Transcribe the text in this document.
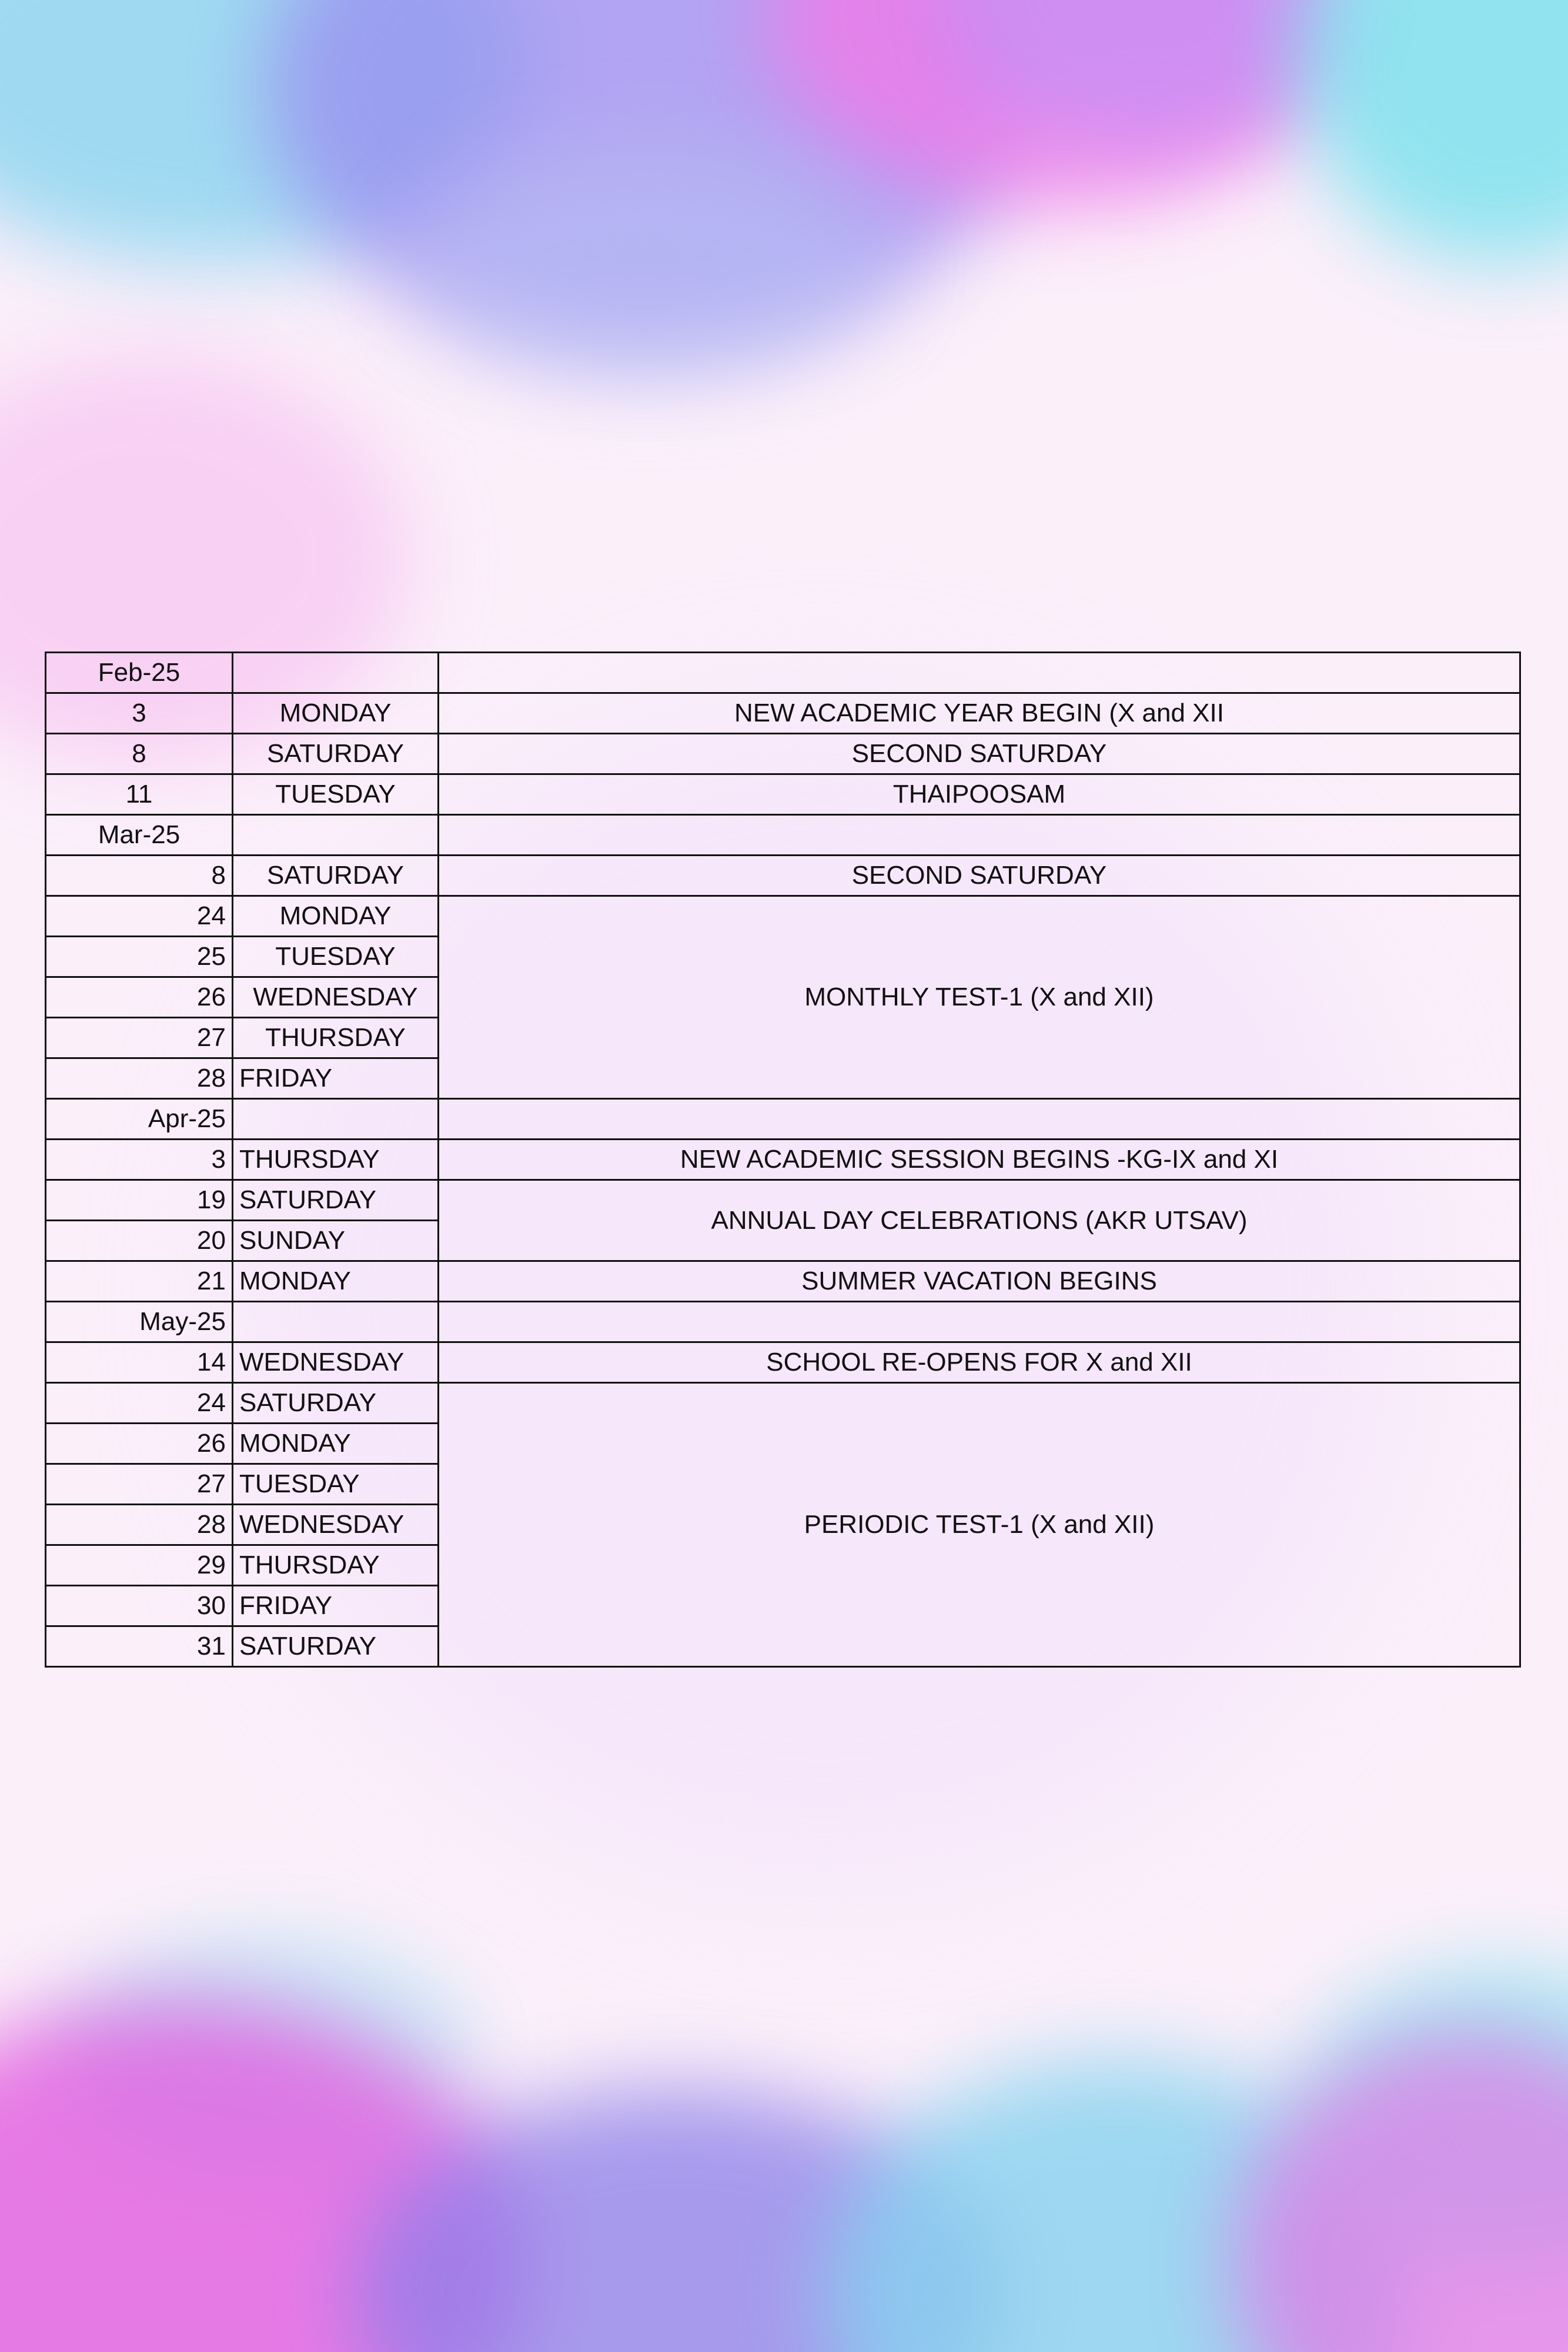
Feb-25		
3	MONDAY	NEW ACADEMIC YEAR BEGIN (X and XII
8	SATURDAY	SECOND SATURDAY
11	TUESDAY	THAIPOOSAM
Mar-25		
8	SATURDAY	SECOND SATURDAY
24	MONDAY	MONTHLY TEST-1 (X and XII)
25	TUESDAY	
26	WEDNESDAY	
27	THURSDAY	
28	FRIDAY	
Apr-25		
3	THURSDAY	NEW ACADEMIC SESSION BEGINS -KG-IX and XI
19	SATURDAY	ANNUAL DAY CELEBRATIONS (AKR UTSAV)
20	SUNDAY	
21	MONDAY	SUMMER VACATION BEGINS
May-25		
14	WEDNESDAY	SCHOOL RE-OPENS FOR X and XII
24	SATURDAY	PERIODIC TEST-1 (X and XII)
26	MONDAY	
27	TUESDAY	
28	WEDNESDAY	
29	THURSDAY	
30	FRIDAY	
31	SATURDAY	
